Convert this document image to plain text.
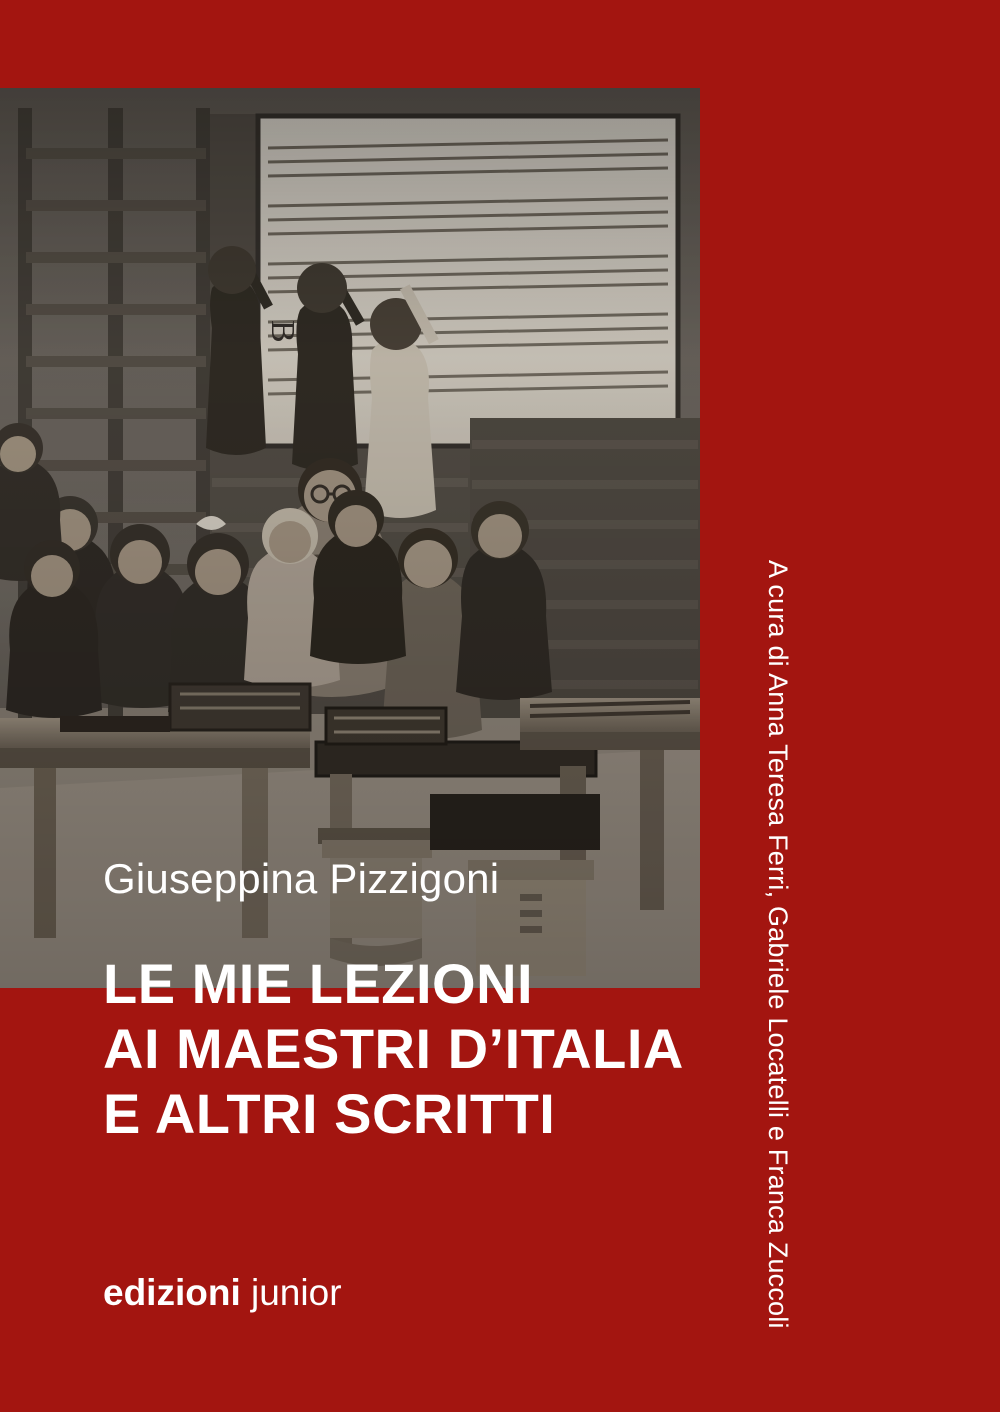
Giuseppina Pizzigoni
LE MIE LEZIONI
AI MAESTRI D’ITALIA
E ALTRI SCRITTI
edizioni junior	A cura di Anna Teresa Ferri, Gabriele Locatelli e Franca Zuccoli
